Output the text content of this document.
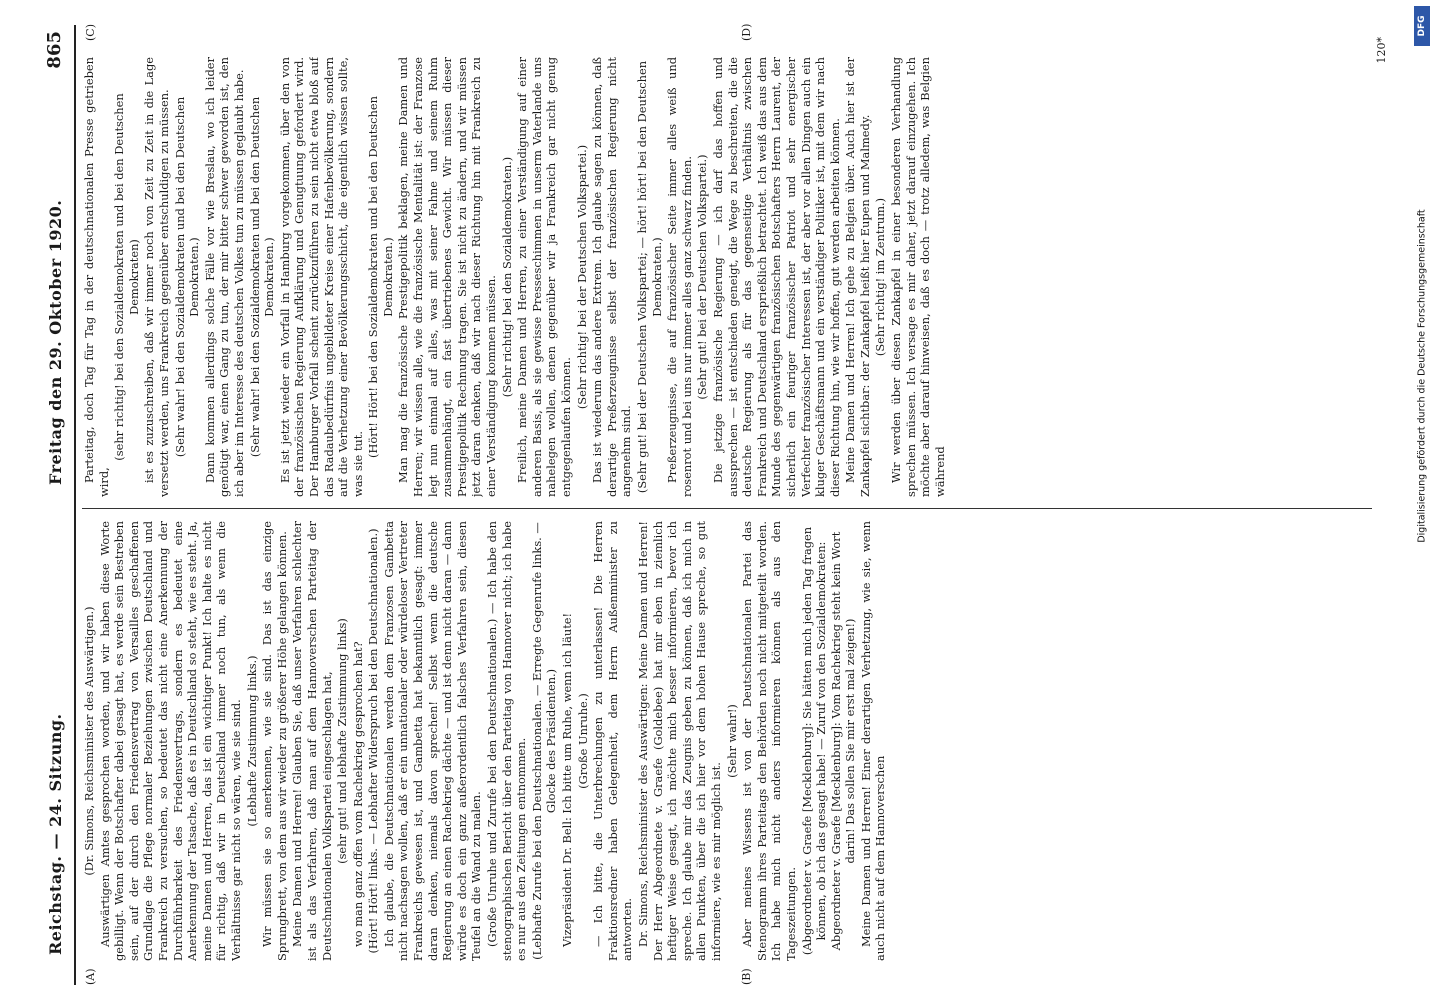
Reichstag. — 24. Sitzung.
Freitag den 29. Oktober 1920.
865
(A)	(B)
(C)	(D)

(Dr. Simons, Reichsminister des Auswärtigen.) Auswärtigen Amtes gesprochen worden, und wir haben diese Worte gebilligt. Wenn der Botschafter dabei gesagt hat, es werde sein Bestreben sein, auf der durch den Friedensvertrag von Versailles geschaffenen Grundlage die Pflege normaler Beziehungen zwischen Deutschland und Frankreich zu versuchen, so bedeutet das nicht eine Anerkennung der Durchführbarkeit des Friedensvertrags, sondern es bedeutet eine Anerkennung der Tatsache, daß es in Deutschland so steht, wie es steht. Ja, meine Damen und Herren, das ist ein wichtiger Punkt! Ich halte es nicht für richtig, daß wir in Deutschland immer noch tun, als wenn die Verhältnisse gar nicht so wären, wie sie sind. (Lebhafte Zustimmung links.) Wir müssen sie so anerkennen, wie sie sind. Das ist das einzige Sprungbrett, von dem aus wir wieder zu größerer Höhe gelangen können. Meine Damen und Herren! Glauben Sie, daß unser Verfahren schlechter ist als das Verfahren, daß man auf dem Hannoverschen Parteitag der Deutschnationalen Volkspartei eingeschlagen hat, (sehr gut! und lebhafte Zustimmung links) wo man ganz offen vom Rachekrieg gesprochen hat? (Hört! Hört! links. — Lebhafter Widerspruch bei den Deutschnationalen.) Ich glaube, die Deutschnationalen werden dem Franzosen Gambetta nicht nachsagen wollen, daß er ein unnationaler oder würdeloser Vertreter Frankreichs gewesen ist, und Gambetta hat bekanntlich gesagt: immer daran denken, niemals davon sprechen! Selbst wenn die deutsche Regierung an einen Rachekrieg dächte — und ist denn nicht daran — dann würde es doch ein ganz außerordentlich falsches Verfahren sein, diesen Teufel an die Wand zu malen. (Große Unruhe und Zurufe bei den Deutschnationalen.) — Ich habe den stenographischen Bericht über den Parteitag von Hannover nicht; ich habe es nur aus den Zeitungen entnommen. (Lebhafte Zurufe bei den Deutschnationalen. — Erregte Gegenrufe links. — Glocke des Präsidenten.) Vizepräsident Dr. Bell: Ich bitte um Ruhe, wenn ich läute! (Große Unruhe.) — Ich bitte, die Unterbrechungen zu unterlassen! Die Herren Fraktionsredner haben Gelegenheit, dem Herrn Außenminister zu antworten. Dr. Simons, Reichsminister des Auswärtigen: Meine Damen und Herren! Der Herr Abgeordnete v. Graefe (Goldebee) hat mir eben in ziemlich heftiger Weise gesagt, ich möchte mich besser informieren, bevor ich spreche. Ich glaube mir das Zeugnis geben zu können, daß ich mich in allen Punkten, über die ich hier vor dem hohen Hause spreche, so gut informiere, wie es mir möglich ist.

(Sehr wahr!) Aber meines Wissens ist von der Deutschnationalen Partei das Stenogramm ihres Parteitags den Behörden noch nicht mitgeteilt worden. Ich habe mich nicht anders informieren können als aus den Tageszeitungen. (Abgeordneter v. Graefe [Mecklenburg]: Sie hätten mich jeden Tag fragen können, ob ich das gesagt habe! — Zuruf von den Sozialdemokraten: Abgeordneter v. Graefe [Mecklenburg]: Vom Rachekrieg steht kein Wort darin! Das sollen Sie mir erst mal zeigen!) Meine Damen und Herren! Einer derartigen Verhetzung, wie sie, wenn auch nicht auf dem Hannoverschen

Parteitag, doch Tag für Tag in der deutschnationalen Presse getrieben wird,

(sehr richtig! bei den Sozialdemokraten und bei den Deutschen Demokraten) ist es zuzuschreiben, daß wir immer noch von Zeit zu Zeit in die Lage versetzt werden, uns Frankreich gegenüber entschuldigen zu müssen. (Sehr wahr! bei den Sozialdemokraten und bei den Deutschen Demokraten.) Dann kommen allerdings solche Fälle vor wie Breslau, wo ich leider genötigt war, einen Gang zu tun, der mir bitter schwer geworden ist, den ich aber im Interesse des deutschen Volkes tun zu müssen geglaubt habe. (Sehr wahr! bei den Sozialdemokraten und bei den Deutschen Demokraten.) Es ist jetzt wieder ein Vorfall in Hamburg vorgekommen, über den von der französischen Regierung Aufklärung und Genugtuung gefordert wird. Der Hamburger Vorfall scheint zurückzuführen zu sein nicht etwa bloß auf das Radaubedürfnis ungebildeter Kreise einer Hafenbevölkerung, sondern auf die Verhetzung einer Bevölkerungsschicht, die eigentlich wissen sollte, was sie tut.

(Hört! Hört! bei den Sozialdemokraten und bei den Deutschen Demokraten.) Man mag die französische Prestigepolitik beklagen, meine Damen und Herren; wir wissen alle, wie die französische Mentalität ist: der Franzose legt nun einmal auf alles, was mit seiner Fahne und seinem Ruhm zusammenhängt, ein fast übertriebenes Gewicht. Wir müssen dieser Prestigepolitik Rechnung tragen. Sie ist nicht zu ändern, und wir müssen jetzt daran denken, daß wir nach dieser Richtung hin mit Frankreich zu einer Verständigung kommen müssen. (Sehr richtig! bei den Sozialdemokraten.) Freilich, meine Damen und Herren, zu einer Verständigung auf einer anderen Basis, als sie gewisse Presseschimmen in unserm Vaterlande uns nahelegen wollen, denen gegenüber wir ja Frankreich gar nicht genug entgegenlaufen können.

(Sehr richtig! bei der Deutschen Volkspartei.) Das ist wiederum das andere Extrem. Ich glaube sagen zu können, daß derartige Preßerzeugnisse selbst der französischen Regierung nicht angenehm sind. (Sehr gut! bei der Deutschen Volkspartei; — hört! hört! bei den Deutschen Demokraten.) Preßerzeugnisse, die auf französischer Seite immer alles weiß und rosenrot und bei uns nur immer alles ganz schwarz finden. (Sehr gut! bei der Deutschen Volkspartei.) Die jetzige französische Regierung — ich darf das hoffen und aussprechen — ist entschieden geneigt, die Wege zu beschreiten, die die deutsche Regierung als für das gegenseitige Verhältnis zwischen Frankreich und Deutschland ersprießlich betrachtet. Ich weiß das aus dem Munde des gegenwärtigen französischen Botschafters Herrn Laurent, der sicherlich ein feuriger französischer Patriot und sehr energischer Verfechter französischer Interessen ist, der aber vor allen Dingen auch ein kluger Geschäftsmann und ein verständiger Politiker ist, mit dem wir nach dieser Richtung hin, wie wir hoffen, gut werden arbeiten können. Meine Damen und Herren! Ich gehe zu Belgien über. Auch hier ist der Zankapfel sichtbar: der Zankapfel heißt hier Eupen und Malmedy. (Sehr richtig! im Zentrum.) Wir werden über diesen Zankapfel in einer besonderen Verhandlung sprechen müssen. Ich versage es mir daher, jetzt darauf einzugehen. Ich möchte aber darauf hinweisen, daß es doch — trotz alledem, was Belgien während

120*
DFG
Digitalisierung gefördert durch die Deutsche Forschungsgemeinschaft
